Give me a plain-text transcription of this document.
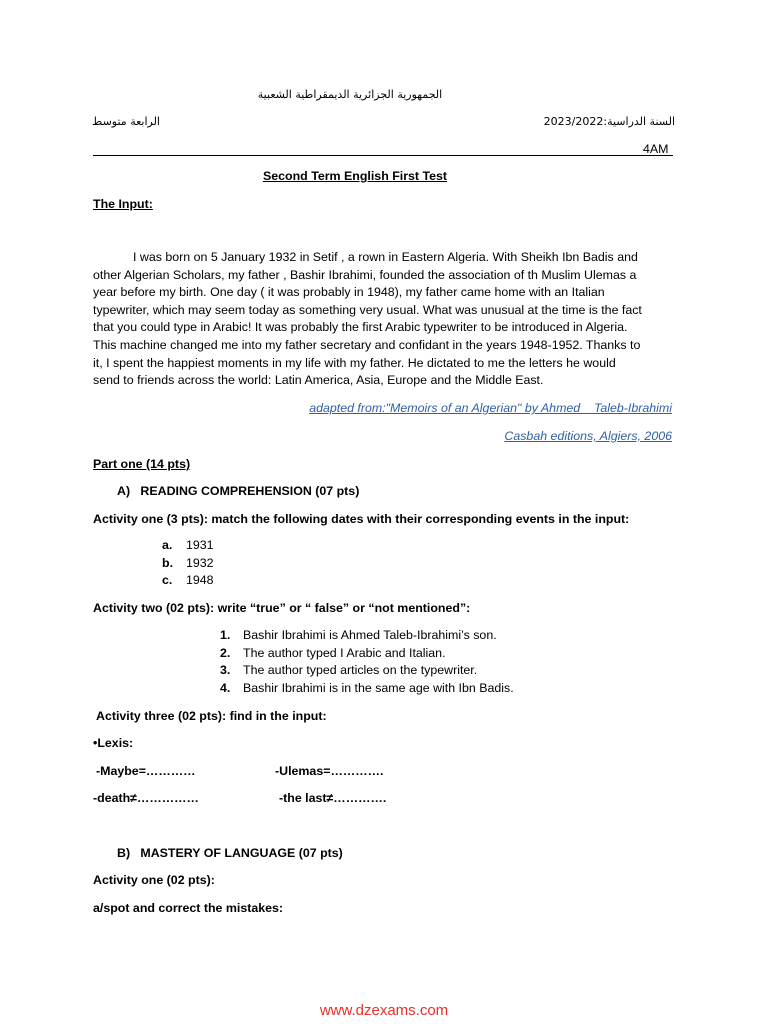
الجمهورية الجزائرية الديمقراطية الشعبية
الرابعة متوسط	السنة الدراسية:2023/2022
4AM
Second Term English First Test
The Input:
I was born on 5 January 1932 in Setif , a rown in Eastern Algeria. With Sheikh Ibn Badis and
other Algerian Scholars, my father , Bashir Ibrahimi, founded the association of th Muslim Ulemas a
year before my birth. One day ( it was probably in 1948), my father came home with an Italian
typewriter, which may seem today as something very usual. What was unusual at the time is the fact
that you could type in Arabic! It was probably the first Arabic typewriter to be introduced in Algeria.
This machine changed me into my father secretary and confidant in the years 1948-1952. Thanks to
it, I spent the happiest moments in my life with my father. He dictated to me the letters he would
send to friends across the world: Latin America, Asia, Europe and the Middle East.
adapted from:"Memoirs of an Algerian" by Ahmed    Taleb-Ibrahimi
Casbah editions, Algiers, 2006
Part one (14 pts)
A)   READING COMPREHENSION (07 pts)
Activity one (3 pts): match the following dates with their corresponding events in the input:
a. 1931
b. 1932
c. 1948
Activity two (02 pts): write “true” or “ false” or “not mentioned”:
1. Bashir Ibrahimi is Ahmed Taleb-Ibrahimi’s son.
2. The author typed I Arabic and Italian.
3. The author typed articles on the typewriter.
4. Bashir Ibrahimi is in the same age with Ibn Badis.
Activity three (02 pts): find in the input:
•Lexis:
-Maybe=…………	-Ulemas=………….
-death≠……………	-the last≠………….
B)   MASTERY OF LANGUAGE (07 pts)
Activity one (02 pts):
a/spot and correct the mistakes:
www.dzexams.com
